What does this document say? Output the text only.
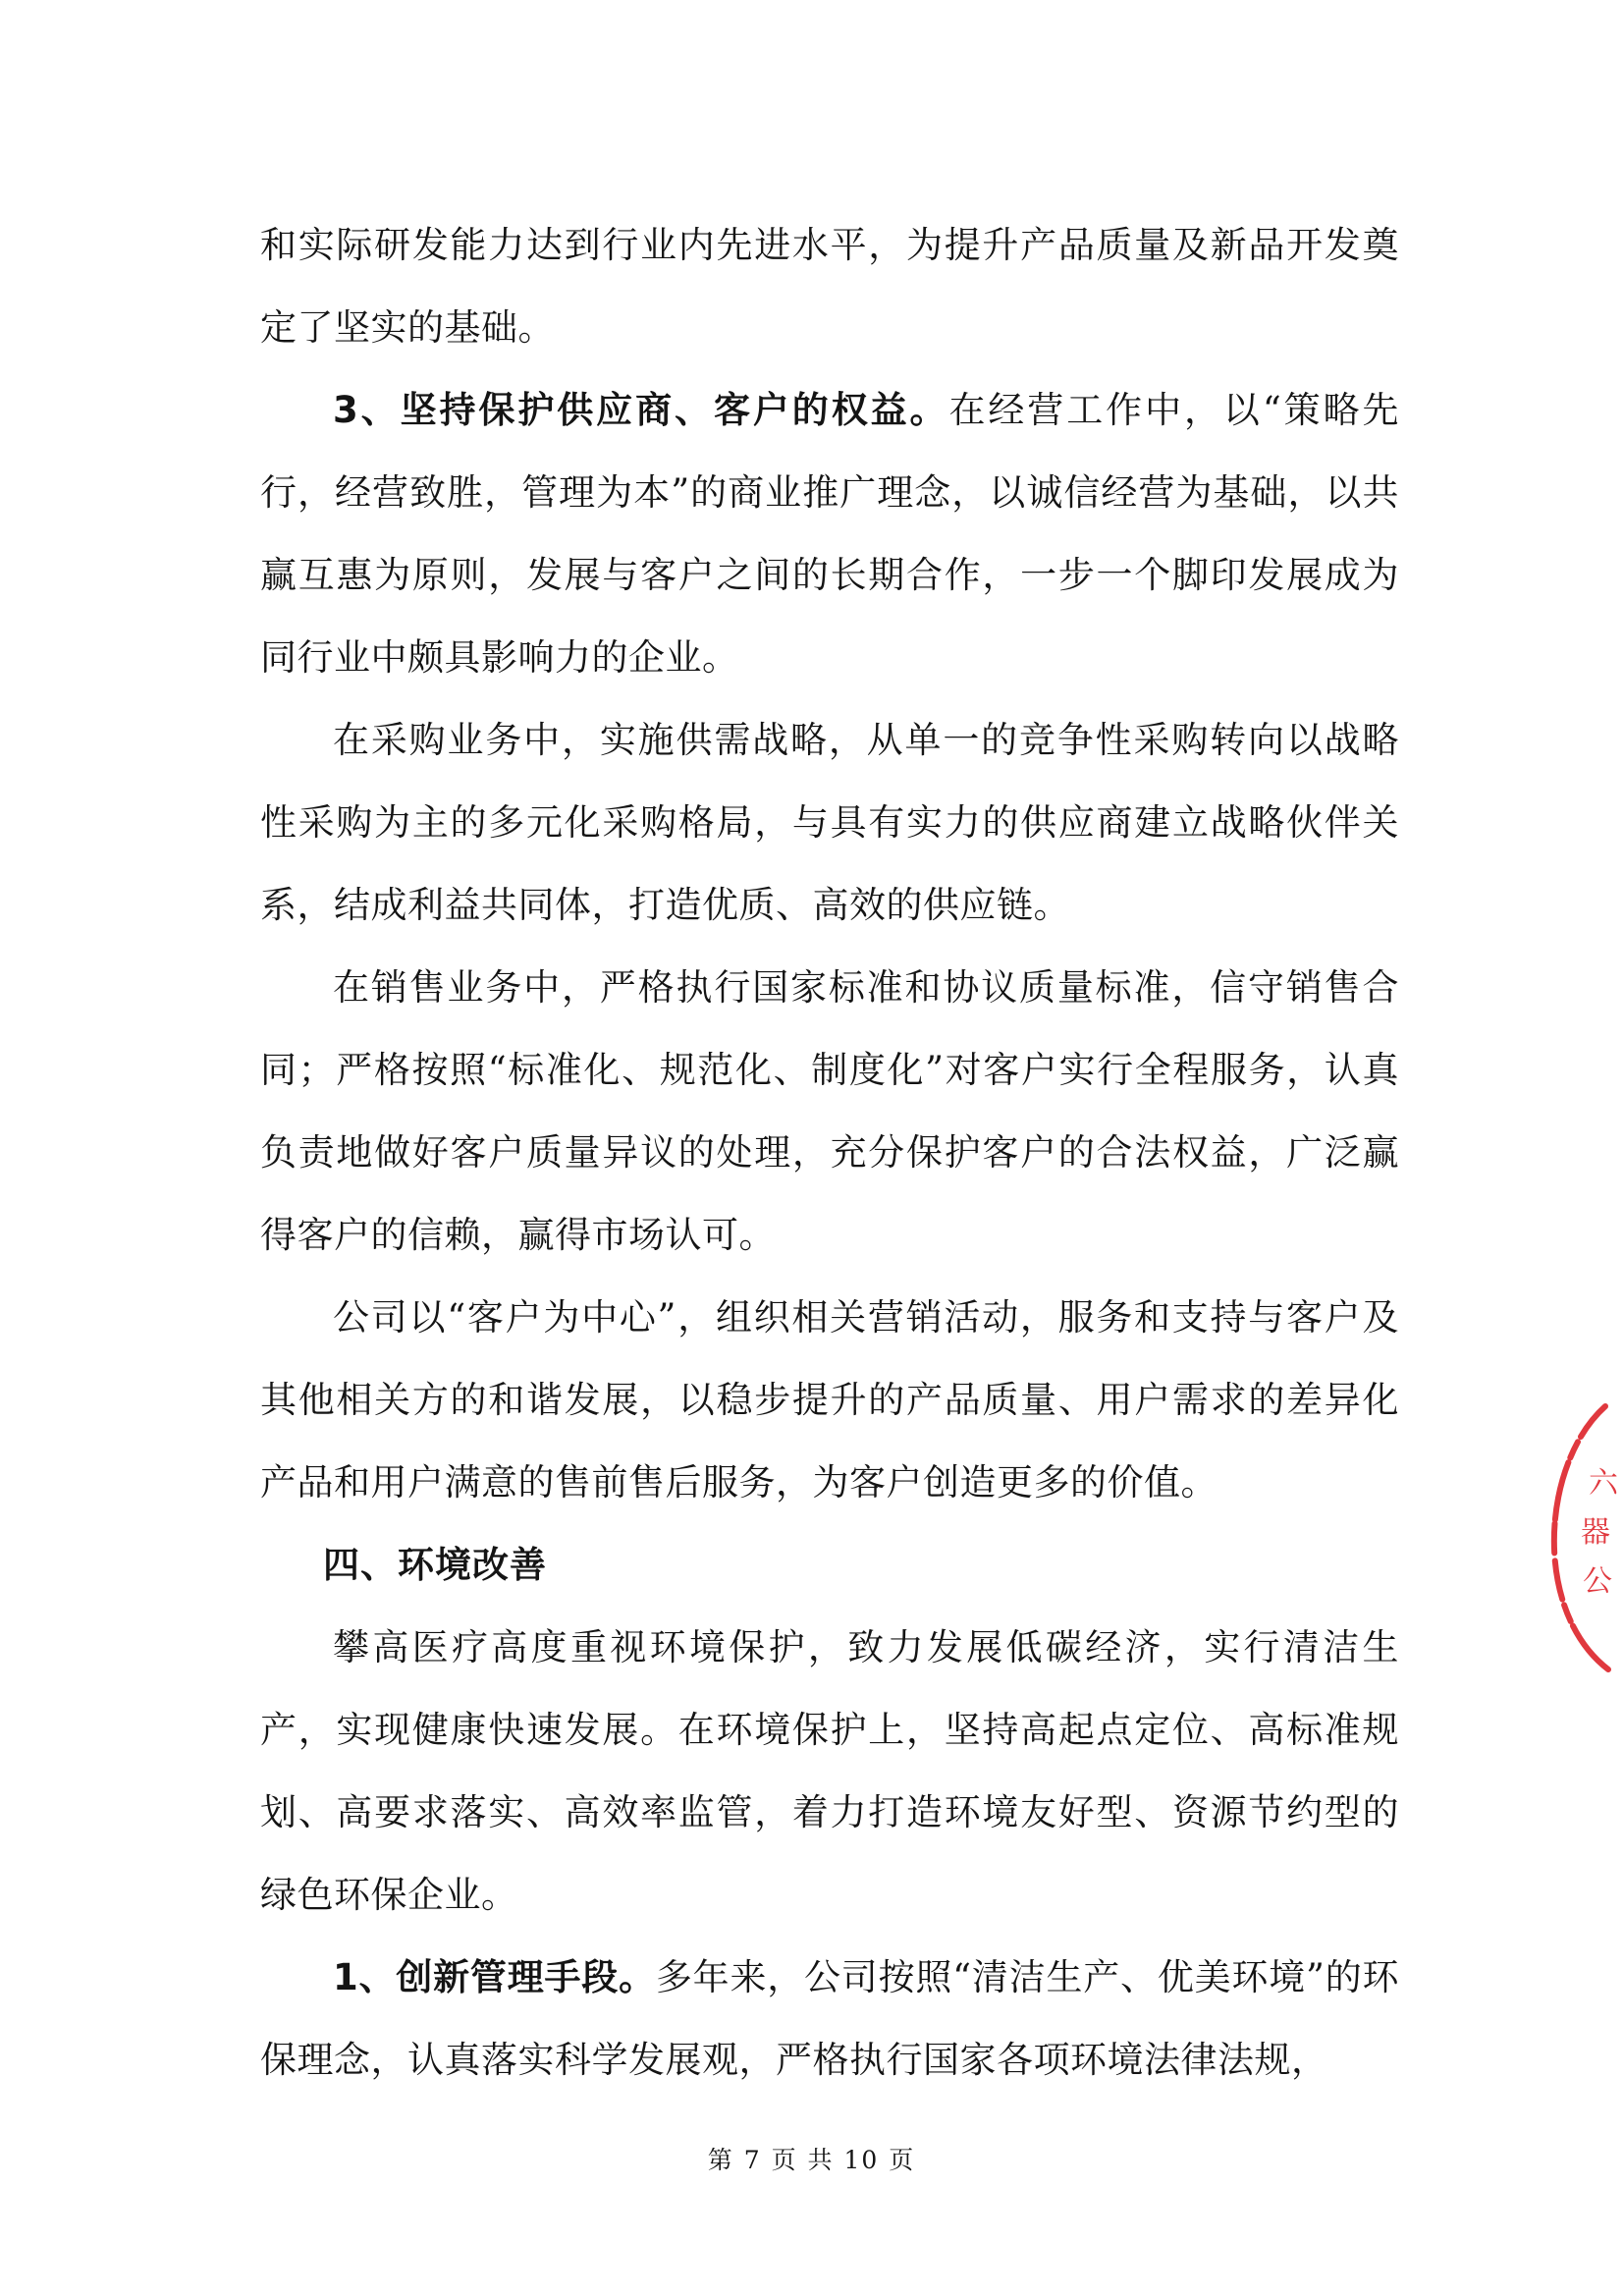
和实际研发能力达到行业内先进水平，为提升产品质量及新品开发奠定了坚实的基础。

3、坚持保护供应商、客户的权益。在经营工作中，以“策略先行，经营致胜，管理为本”的商业推广理念，以诚信经营为基础，以共赢互惠为原则，发展与客户之间的长期合作，一步一个脚印发展成为同行业中颇具影响力的企业。

在采购业务中，实施供需战略，从单一的竞争性采购转向以战略性采购为主的多元化采购格局，与具有实力的供应商建立战略伙伴关系，结成利益共同体，打造优质、高效的供应链。

在销售业务中，严格执行国家标准和协议质量标准，信守销售合同；严格按照“标准化、规范化、制度化”对客户实行全程服务，认真负责地做好客户质量异议的处理，充分保护客户的合法权益，广泛赢得客户的信赖，赢得市场认可。

公司以“客户为中心”，组织相关营销活动，服务和支持与客户及其他相关方的和谐发展，以稳步提升的产品质量、用户需求的差异化产品和用户满意的售前售后服务，为客户创造更多的价值。

四、环境改善

攀高医疗高度重视环境保护，致力发展低碳经济，实行清洁生产，实现健康快速发展。在环境保护上，坚持高起点定位、高标准规划、高要求落实、高效率监管，着力打造环境友好型、资源节约型的绿色环保企业。

1、创新管理手段。多年来，公司按照“清洁生产、优美环境”的环保理念，认真落实科学发展观，严格执行国家各项环境法律法规，

六
器
公
第 7 页 共 10 页
